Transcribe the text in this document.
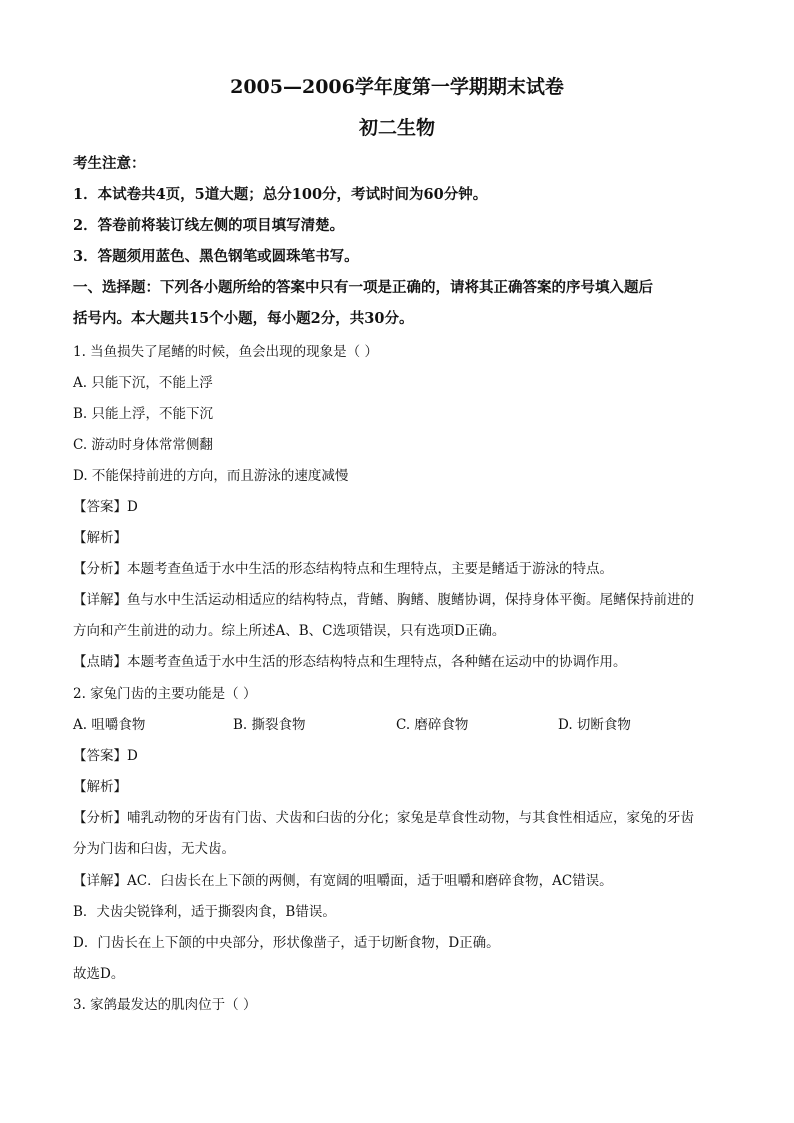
2005—2006学年度第一学期期末试卷
初二生物
考生注意：
1．本试卷共4页，5道大题；总分100分，考试时间为60分钟。
2．答卷前将装订线左侧的项目填写清楚。
3．答题须用蓝色、黑色钢笔或圆珠笔书写。
一、选择题：下列各小题所给的答案中只有一项是正确的，请将其正确答案的序号填入题后
括号内。本大题共15个小题，每小题2分，共30分。
1. 当鱼损失了尾鳍的时候，鱼会出现的现象是（ ）
A. 只能下沉，不能上浮
B. 只能上浮，不能下沉
C. 游动时身体常常侧翻
D. 不能保持前进的方向，而且游泳的速度减慢
【答案】D
【解析】
【分析】本题考查鱼适于水中生活的形态结构特点和生理特点，主要是鳍适于游泳的特点。
【详解】鱼与水中生活运动相适应的结构特点，背鳍、胸鳍、腹鳍协调，保持身体平衡。尾鳍保持前进的
方向和产生前进的动力。综上所述A、B、C选项错误，只有选项D正确。
【点睛】本题考查鱼适于水中生活的形态结构特点和生理特点，各种鳍在运动中的协调作用。
2. 家兔门齿的主要功能是（ ）
A. 咀嚼食物	B. 撕裂食物	C. 磨碎食物	D. 切断食物
【答案】D
【解析】
【分析】哺乳动物的牙齿有门齿、犬齿和臼齿的分化；家兔是草食性动物，与其食性相适应，家兔的牙齿
分为门齿和臼齿，无犬齿。
【详解】AC．臼齿长在上下颌的两侧，有宽阔的咀嚼面，适于咀嚼和磨碎食物，AC错误。
B．犬齿尖锐锋利，适于撕裂肉食，B错误。
D．门齿长在上下颌的中央部分，形状像凿子，适于切断食物，D正确。
故选D。
3. 家鸽最发达的肌肉位于（ ）
